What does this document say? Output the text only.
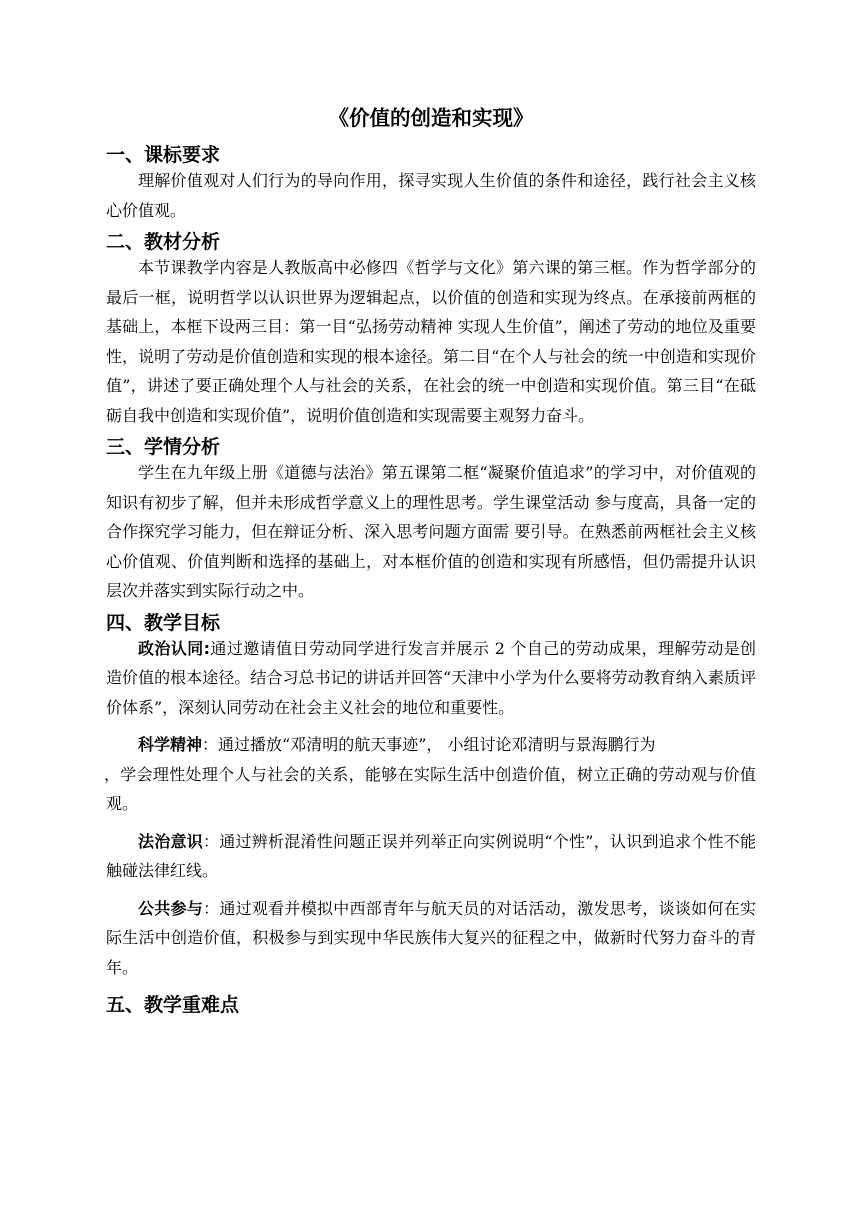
《价值的创造和实现》
一、课标要求

理解价值观对人们行为的导向作用，探寻实现人生价值的条件和途径，践行社会主义核心价值观。

二、教材分析

本节课教学内容是人教版高中必修四《哲学与文化》第六课的第三框。作为哲学部分的最后一框，说明哲学以认识世界为逻辑起点，以价值的创造和实现为终点。在承接前两框的基础上，本框下设两三目：第一目“弘扬劳动精神 实现人生价值”，阐述了劳动的地位及重要性，说明了劳动是价值创造和实现的根本途径。第二目“在个人与社会的统一中创造和实现价值”，讲述了要正确处理个人与社会的关系，在社会的统一中创造和实现价值。第三目“在砥砺自我中创造和实现价值”，说明价值创造和实现需要主观努力奋斗。

三、学情分析

学生在九年级上册《道德与法治》第五课第二框“凝聚价值追求”的学习中，对价值观的知识有初步了解，但并未形成哲学意义上的理性思考。学生课堂活动 参与度高，具备一定的合作探究学习能力，但在辩证分析、深入思考问题方面需 要引导。在熟悉前两框社会主义核心价值观、价值判断和选择的基础上，对本框价值的创造和实现有所感悟，但仍需提升认识层次并落实到实际行动之中。

四、教学目标

政治认同:通过邀请值日劳动同学进行发言并展示 2 个自己的劳动成果，理解劳动是创造价值的根本途径。结合习总书记的讲话并回答“天津中小学为什么要将劳动教育纳入素质评价体系”，深刻认同劳动在社会主义社会的地位和重要性。

科学精神：通过播放“邓清明的航天事迹”， 小组讨论邓清明与景海鹏行为
，学会理性处理个人与社会的关系，能够在实际生活中创造价值，树立正确的劳动观与价值观。

法治意识：通过辨析混淆性问题正误并列举正向实例说明“个性”，认识到追求个性不能触碰法律红线。

公共参与：通过观看并模拟中西部青年与航天员的对话活动，激发思考，谈谈如何在实际生活中创造价值，积极参与到实现中华民族伟大复兴的征程之中，做新时代努力奋斗的青年。

五、教学重难点
